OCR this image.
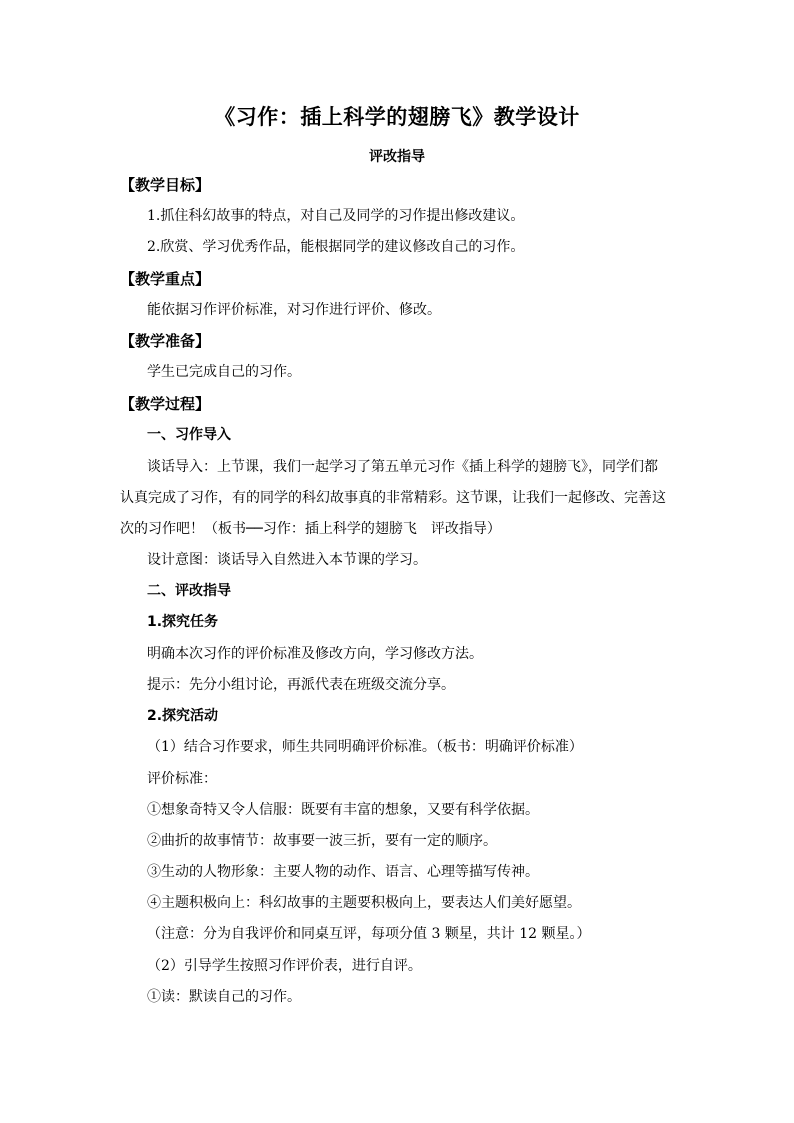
《习作：插上科学的翅膀飞》教学设计
评改指导
【教学目标】
1.抓住科幻故事的特点，对自己及同学的习作提出修改建议。
2.欣赏、学习优秀作品，能根据同学的建议修改自己的习作。
【教学重点】
能依据习作评价标准，对习作进行评价、修改。
【教学准备】
学生已完成自己的习作。
【教学过程】
一、习作导入
谈话导入：上节课，我们一起学习了第五单元习作《插上科学的翅膀飞》，同学们都
认真完成了习作，有的同学的科幻故事真的非常精彩。这节课，让我们一起修改、完善这
次的习作吧！（板书──习作：插上科学的翅膀飞　评改指导）
设计意图：谈话导入自然进入本节课的学习。
二、评改指导
1.探究任务
明确本次习作的评价标准及修改方向，学习修改方法。
提示：先分小组讨论，再派代表在班级交流分享。
2.探究活动
（1）结合习作要求，师生共同明确评价标准。（板书：明确评价标准）
评价标准：
①想象奇特又令人信服：既要有丰富的想象，又要有科学依据。
②曲折的故事情节：故事要一波三折，要有一定的顺序。
③生动的人物形象：主要人物的动作、语言、心理等描写传神。
④主题积极向上：科幻故事的主题要积极向上，要表达人们美好愿望。
（注意：分为自我评价和同桌互评，每项分值 3 颗星，共计 12 颗星。）
（2）引导学生按照习作评价表，进行自评。
①读：默读自己的习作。
